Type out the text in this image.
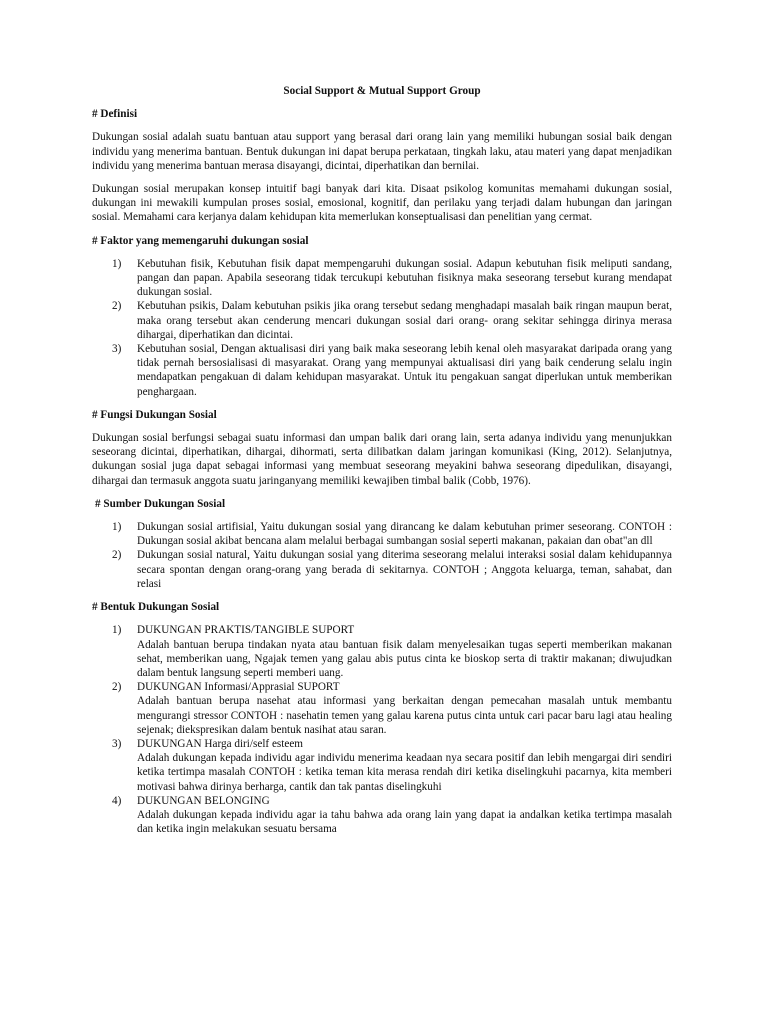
Social Support & Mutual Support Group
# Definisi

Dukungan sosial adalah suatu bantuan atau support yang berasal dari orang lain yang memiliki hubungan sosial baik dengan individu yang menerima bantuan. Bentuk dukungan ini dapat berupa perkataan, tingkah laku, atau materi yang dapat menjadikan individu yang menerima bantuan merasa disayangi, dicintai, diperhatikan dan bernilai.

Dukungan sosial merupakan konsep intuitif bagi banyak dari kita. Disaat psikolog komunitas memahami dukungan sosial, dukungan ini mewakili kumpulan proses sosial, emosional, kognitif, dan perilaku yang terjadi dalam hubungan dan jaringan sosial. Memahami cara kerjanya dalam kehidupan kita memerlukan konseptualisasi dan penelitian yang cermat.

# Faktor yang memengaruhi dukungan sosial
1)	Kebutuhan fisik, Kebutuhan fisik dapat mempengaruhi dukungan sosial. Adapun kebutuhan fisik meliputi sandang, pangan dan papan. Apabila seseorang tidak tercukupi kebutuhan fisiknya maka seseorang tersebut kurang mendapat dukungan sosial.
2)	Kebutuhan psikis, Dalam kebutuhan psikis jika orang tersebut sedang menghadapi masalah baik ringan maupun berat, maka orang tersebut akan cenderung mencari dukungan sosial dari orang- orang sekitar sehingga dirinya merasa dihargai, diperhatikan dan dicintai.
3)	Kebutuhan sosial, Dengan aktualisasi diri yang baik maka seseorang lebih kenal oleh masyarakat daripada orang yang tidak pernah bersosialisasi di masyarakat. Orang yang mempunyai aktualisasi diri yang baik cenderung selalu ingin mendapatkan pengakuan di dalam kehidupan masyarakat. Untuk itu pengakuan sangat diperlukan untuk memberikan penghargaan.
# Fungsi Dukungan Sosial

Dukungan sosial berfungsi sebagai suatu informasi dan umpan balik dari orang lain, serta adanya individu yang menunjukkan seseorang dicintai, diperhatikan, dihargai, dihormati, serta dilibatkan dalam jaringan komunikasi (King, 2012). Selanjutnya, dukungan sosial juga dapat sebagai informasi yang membuat seseorang meyakini bahwa seseorang dipedulikan, disayangi, dihargai dan termasuk anggota suatu jaringanyang memiliki kewajiben timbal balik (Cobb, 1976).

# Sumber Dukungan Sosial
1)	Dukungan sosial artifisial, Yaitu dukungan sosial yang dirancang ke dalam kebutuhan primer seseorang. CONTOH : Dukungan sosial akibat bencana alam melalui berbagai sumbangan sosial seperti makanan, pakaian dan obat"an dll
2)	Dukungan sosial natural, Yaitu dukungan sosial yang diterima seseorang melalui interaksi sosial dalam kehidupannya secara spontan dengan orang-orang yang berada di sekitarnya. CONTOH ; Anggota keluarga, teman, sahabat, dan relasi
# Bentuk Dukungan Sosial
1)	DUKUNGAN PRAKTIS/TANGIBLE SUPORT
Adalah bantuan berupa tindakan nyata atau bantuan fisik dalam menyelesaikan tugas seperti memberikan makanan sehat, memberikan uang, Ngajak temen yang galau abis putus cinta ke bioskop serta di traktir makanan; diwujudkan dalam bentuk langsung seperti memberi uang.
2)	DUKUNGAN Informasi/Apprasial SUPORT
Adalah bantuan berupa nasehat atau informasi yang berkaitan dengan pemecahan masalah untuk membantu mengurangi stressor CONTOH : nasehatin temen yang galau karena putus cinta untuk cari pacar baru lagi atau healing sejenak; diekspresikan dalam bentuk nasihat atau saran.
3)	DUKUNGAN Harga diri/self esteem
Adalah dukungan kepada individu agar individu menerima keadaan nya secara positif dan lebih mengargai diri sendiri ketika tertimpa masalah CONTOH : ketika teman kita merasa rendah diri ketika diselingkuhi pacarnya, kita memberi motivasi bahwa dirinya berharga, cantik dan tak pantas diselingkuhi
4)	DUKUNGAN BELONGING
Adalah dukungan kepada individu agar ia tahu bahwa ada orang lain yang dapat ia andalkan ketika tertimpa masalah dan ketika ingin melakukan sesuatu bersama
